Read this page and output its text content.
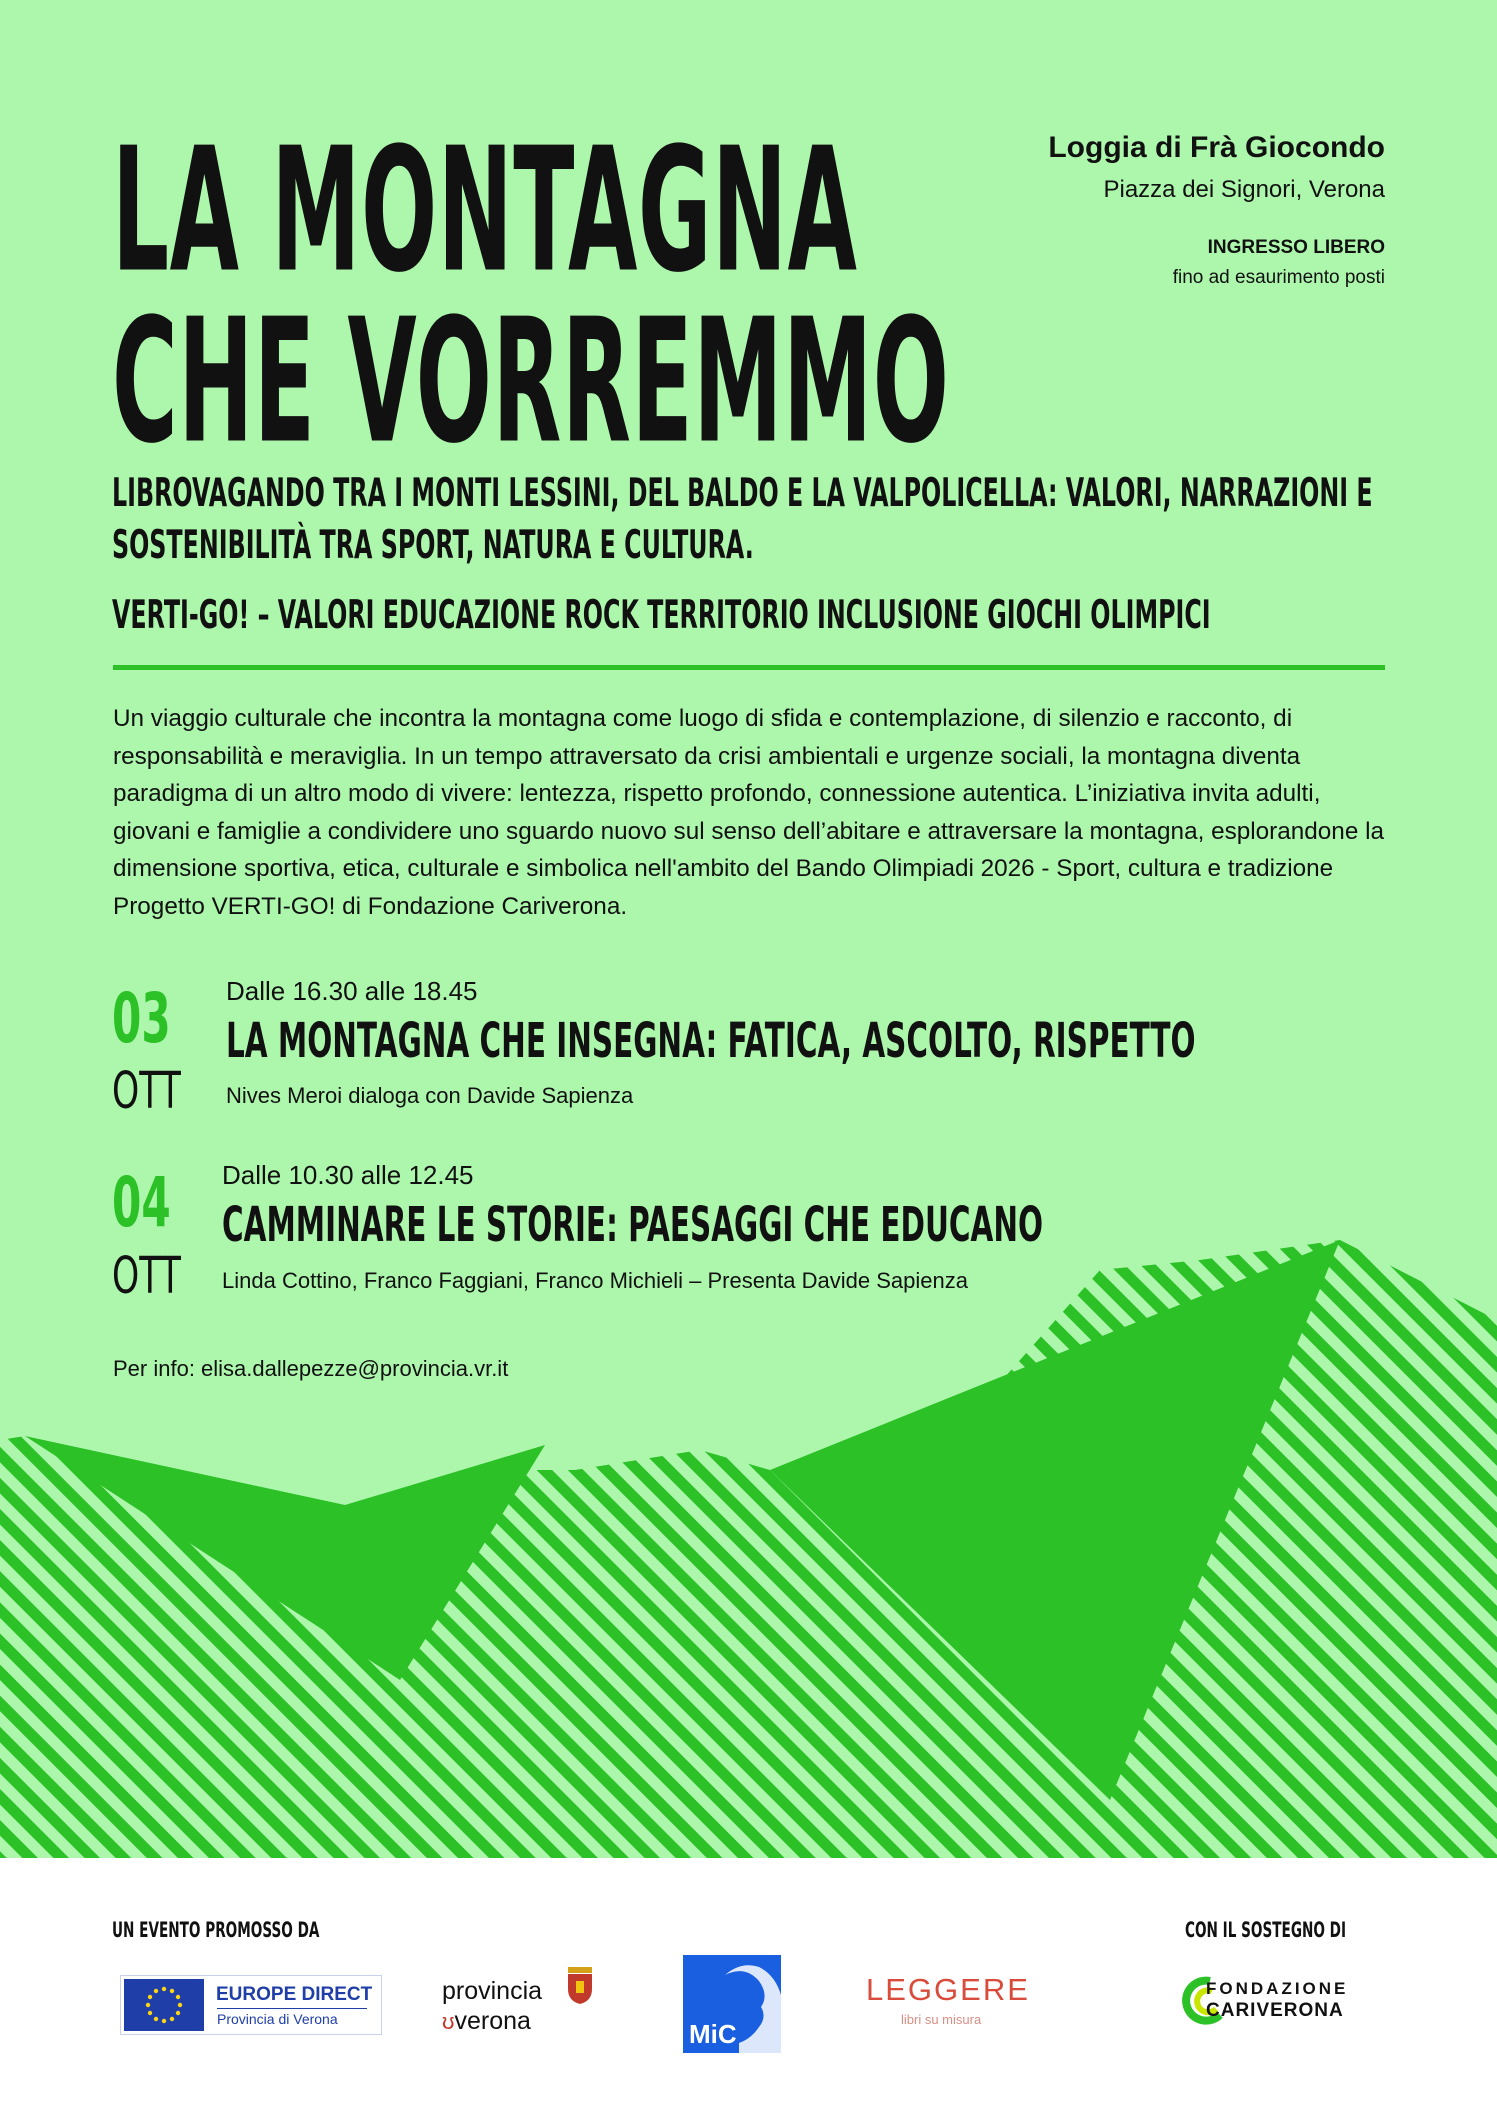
LA MONTAGNA
CHE VORREMMO
Loggia di Frà Giocondo
Piazza dei Signori, Verona
INGRESSO LIBERO
fino ad esaurimento posti
LIBROVAGANDO TRA I MONTI LESSINI, DEL BALDO E LA VALPOLICELLA: VALORI, NARRAZIONI E
SOSTENIBILITÀ TRA SPORT, NATURA E CULTURA.
VERTI-GO! – VALORI EDUCAZIONE ROCK TERRITORIO INCLUSIONE GIOCHI OLIMPICI
Un viaggio culturale che incontra la montagna come luogo di sfida e contemplazione, di silenzio e racconto, di responsabilità e meraviglia. In un tempo attraversato da crisi ambientali e urgenze sociali, la montagna diventa paradigma di un altro modo di vivere: lentezza, rispetto profondo, connessione autentica. L’iniziativa invita adulti, giovani e famiglie a condividere uno sguardo nuovo sul senso dell’abitare e attraversare la montagna, esplorandone la dimensione sportiva, etica, culturale e simbolica nell'ambito del Bando Olimpiadi 2026 - Sport, cultura e tradizione Progetto VERTI-GO! di Fondazione Cariverona.
03
OTT
Dalle 16.30 alle 18.45
LA MONTAGNA CHE INSEGNA: FATICA, ASCOLTO, RISPETTO
Nives Meroi dialoga con Davide Sapienza
04
OTT
Dalle 10.30 alle 12.45
CAMMINARE LE STORIE: PAESAGGI CHE EDUCANO
Linda Cottino, Franco Faggiani, Franco Michieli – Presenta Davide Sapienza
Per info: elisa.dallepezze@provincia.vr.it
UN EVENTO PROMOSSO DA	CON IL SOSTEGNO DI
EUROPE DIRECT
Provincia di Verona
provincia
ʊverona	MiC
LEGGERE
libri su misura
FONDAZIONE
CARIVERONA
